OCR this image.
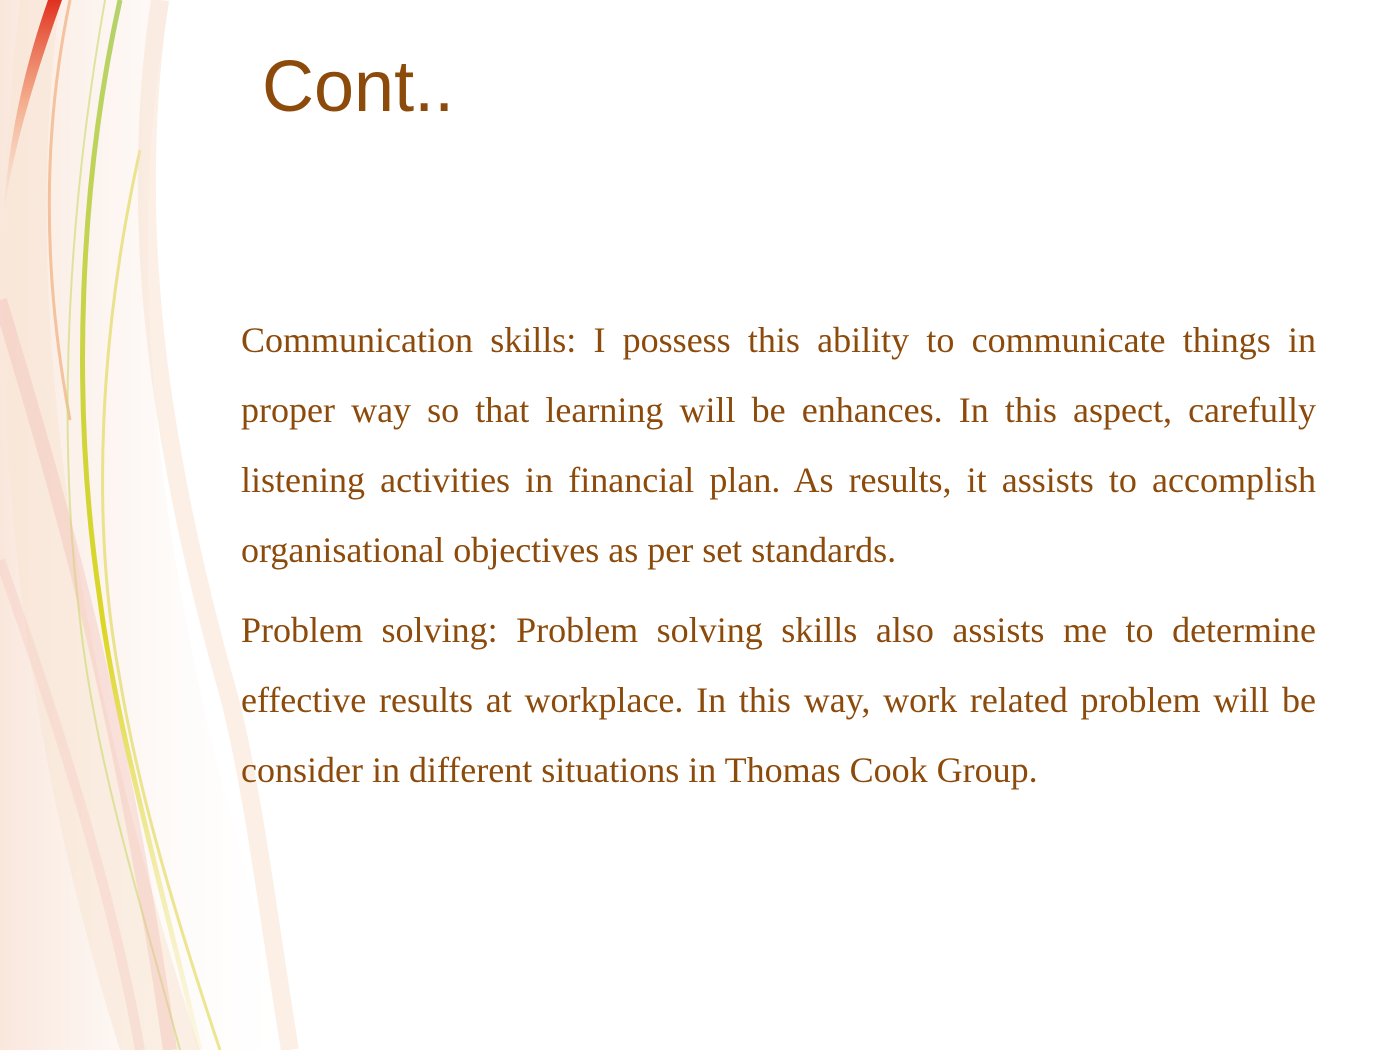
Cont..

Communication skills: I possess this ability to communicate things in proper way so that learning will be enhances. In this aspect, carefully listening activities in financial plan. As results, it assists to accomplish organisational objectives as per set standards.

Problem solving: Problem solving skills also assists me to determine effective results at workplace. In this way, work related problem will be consider in different situations in Thomas Cook Group.
